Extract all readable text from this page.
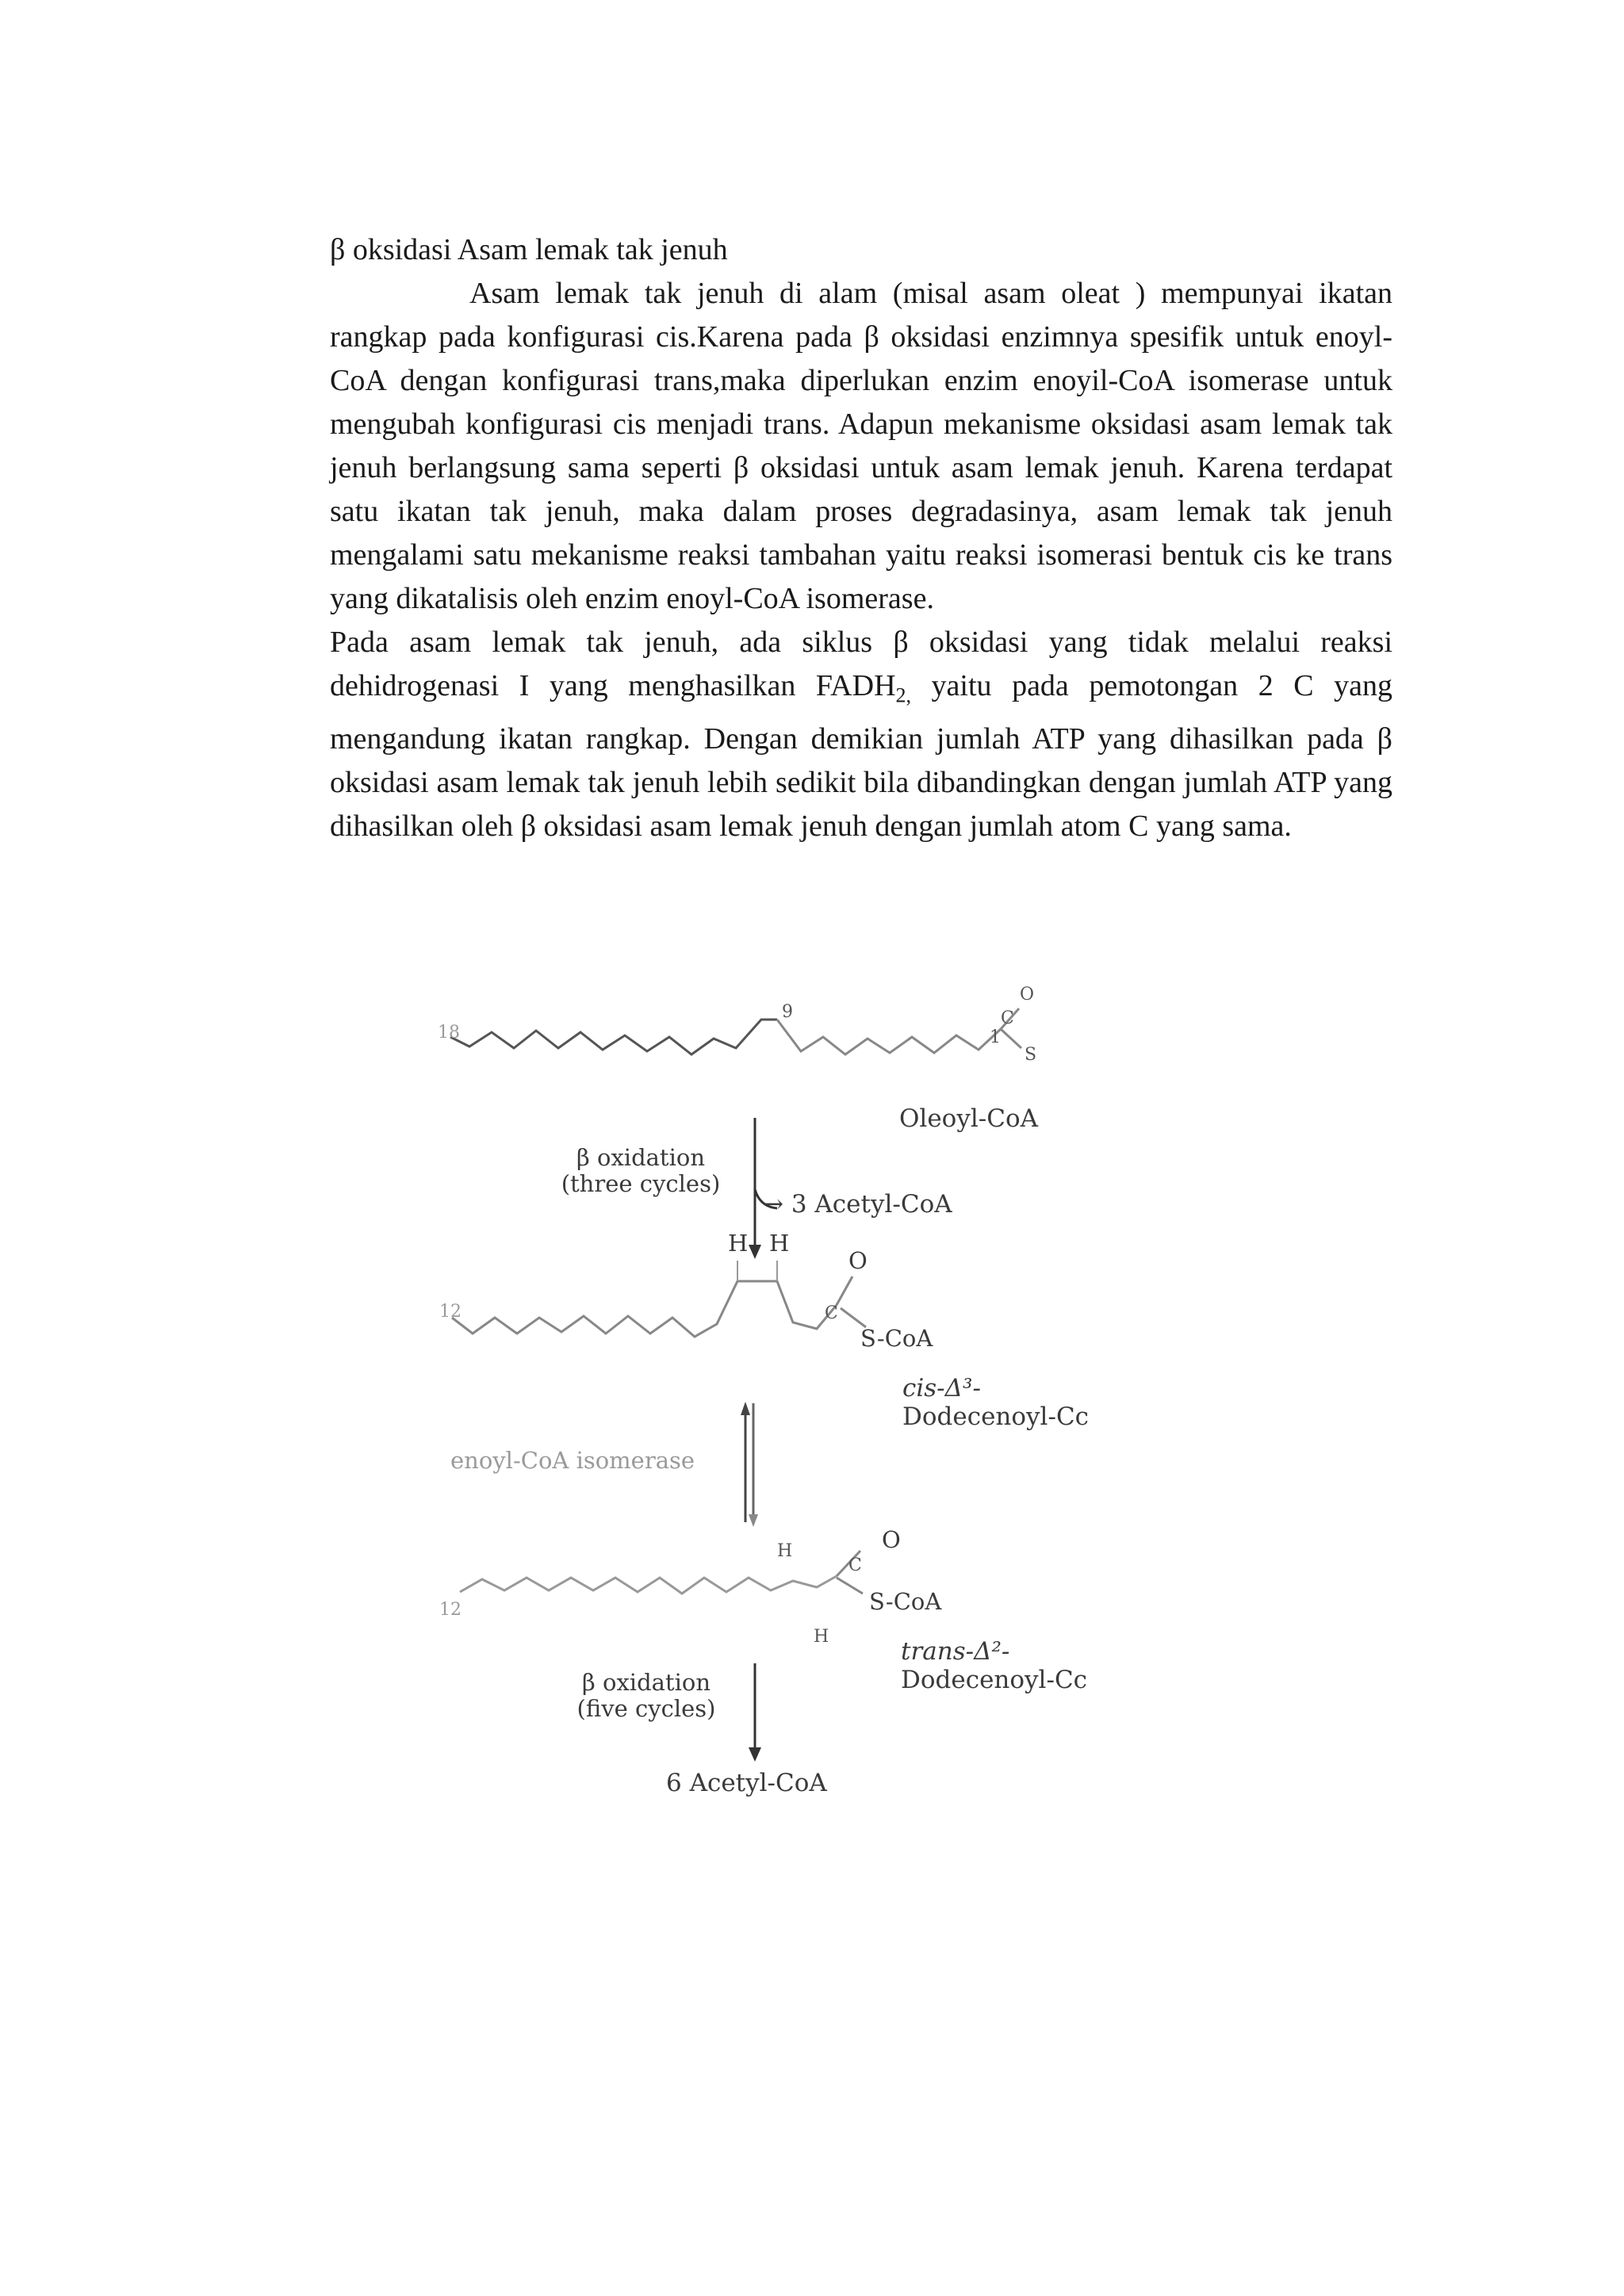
β oksidasi Asam lemak tak jenuh

Asam lemak tak jenuh di alam (misal asam oleat ) mempunyai ikatan rangkap pada konfigurasi cis.Karena pada β oksidasi enzimnya spesifik untuk enoyl-CoA dengan konfigurasi trans,maka diperlukan enzim enoyil-CoA isomerase untuk mengubah konfigurasi cis menjadi trans. Adapun mekanisme oksidasi asam lemak tak jenuh berlangsung sama seperti β oksidasi untuk asam lemak jenuh. Karena terdapat satu ikatan tak jenuh, maka dalam proses degradasinya, asam lemak tak jenuh mengalami satu mekanisme reaksi tambahan yaitu reaksi isomerasi bentuk cis ke trans yang dikatalisis oleh enzim enoyl-CoA isomerase.

Pada asam lemak tak jenuh, ada siklus β oksidasi yang tidak melalui reaksi dehidrogenasi I yang menghasilkan $FADH_{2,}$ yaitu pada pemotongan 2 C yang mengandung ikatan rangkap. Dengan demikian jumlah ATP yang dihasilkan pada β oksidasi asam lemak tak jenuh lebih sedikit bila dibandingkan dengan jumlah ATP yang dihasilkan oleh β oksidasi asam lemak jenuh dengan jumlah atom C yang sama.

18
9
1
C
O
S
Oleoyl-CoA
β oxidation
(three cycles)
→ 3 Acetyl-CoA
12
H H
O
C
S-CoA
cis-Δ³-
Dodecenoyl-Cc
enoyl-CoA isomerase
12
H	O
C
S-CoA
H
trans-Δ²-
Dodecenoyl-Cc
β oxidation
(five cycles)
6 Acetyl-CoA
